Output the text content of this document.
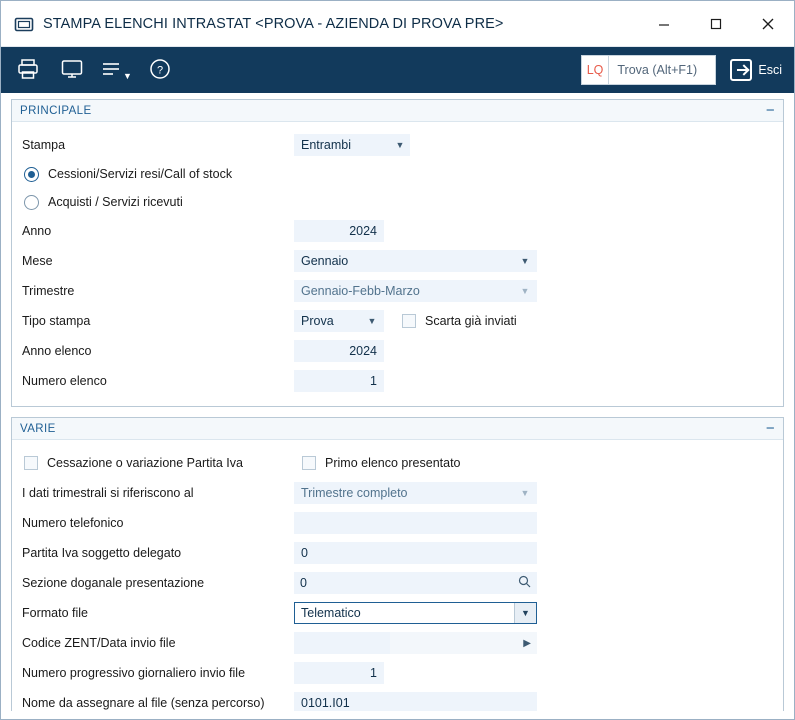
STAMPA ELENCHI INTRASTAT <PROVA - AZIENDA DI PROVA PRE>
▼ ?	LQ	Trova (Alt+F1)	Esci
PRINCIPALE	−
Stampa	Entrambi	▼
Cessioni/Servizi resi/Call of stock
Acquisti / Servizi ricevuti
Anno	2024
Mese	Gennaio	▼
Trimestre	Gennaio-Febb-Marzo	▼
Tipo stampa	Prova	▼	Scarta già inviati
Anno elenco	2024
Numero elenco	1
VARIE	−
Cessazione o variazione Partita Iva	Primo elenco presentato
I dati trimestrali si riferiscono al	Trimestre completo	▼
Numero telefonico
Partita Iva soggetto delegato	0
Sezione doganale presentazione	0
Formato file	Telematico	▼
Codice ZENT/Data invio file	▶
Numero progressivo giornaliero invio file	1
Nome da assegnare al file (senza percorso)	0101.I01
